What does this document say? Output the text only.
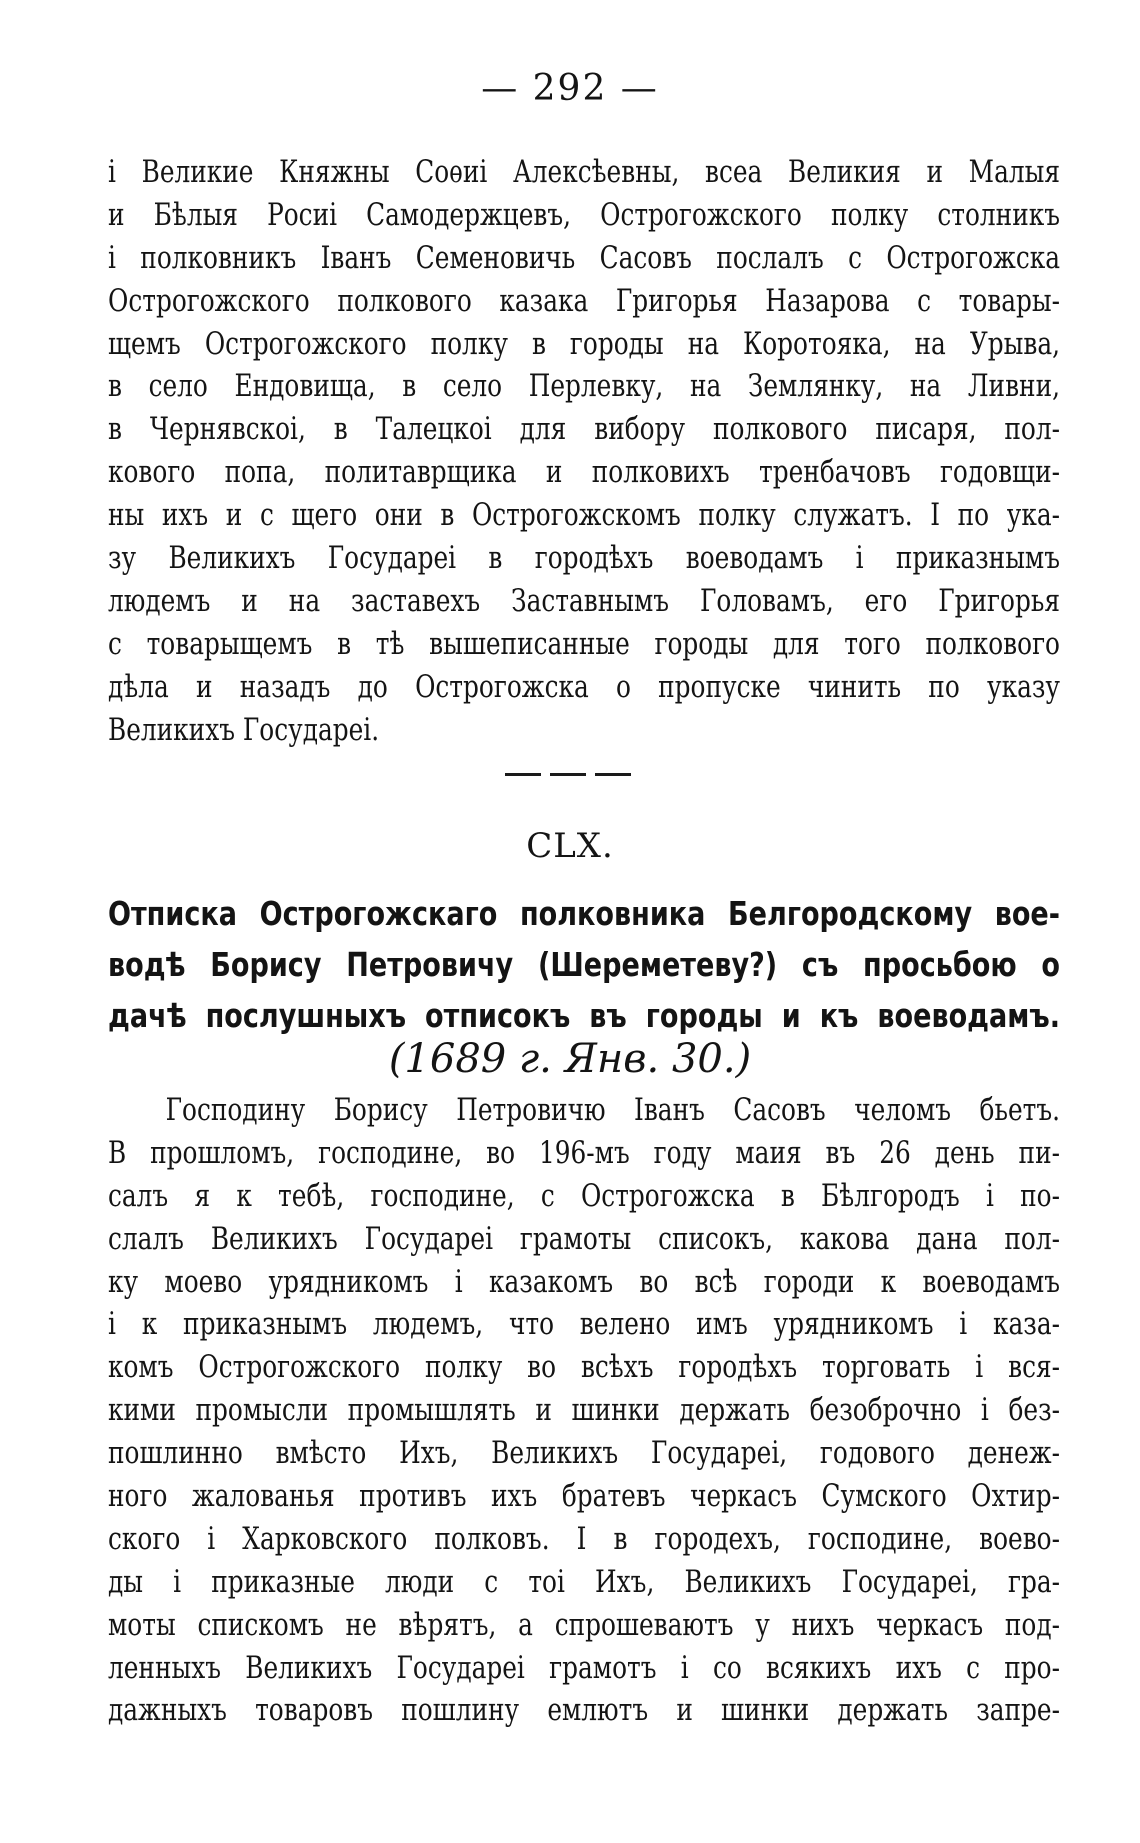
— 292 —
і Великие Княжны Соѳиі Алексѣевны, всеа Великия и Малыя
и Бѣлыя Росиі Самодержцевъ, Острогожского полку столникъ
і полковникъ Іванъ Семеновичь Сасовъ послалъ с Острогожска
Острогожского полкового казака Григорья Назарова с товары-
щемъ Острогожского полку в городы на Коротояка, на Урыва,
в село Ендовища, в село Перлевку, на Землянку, на Ливни,
в Чернявскоі, в Талецкоі для вибору полкового писаря, пол-
кового попа, политаврщика и полковихъ тренбачовъ годовщи-
ны ихъ и с щего они в Острогожскомъ полку служатъ. І по ука-
зу Великихъ Государеі в городѣхъ воеводамъ і приказнымъ
людемъ и на заставехъ Заставнымъ Головамъ, его Григорья
с товарыщемъ в тѣ вышеписанные городы для того полкового
дѣла и назадъ до Острогожска о пропуске чинить по указу
Великихъ Государеі.
CLX.
Отписка Острогожскаго полковника Белгородскому вое-
водѣ Борису Петровичу (Шереметеву?) съ просьбою о
дачѣ послушныхъ отписокъ въ городы и къ воеводамъ.
(1689 г. Янв. 30.)
Господину Борису Петровичю Іванъ Сасовъ челомъ бьетъ.
В прошломъ, господине, во 196-мъ году маия въ 26 день пи-
салъ я к тебѣ, господине, с Острогожска в Бѣлгородъ і по-
слалъ Великихъ Государеі грамоты списокъ, какова дана пол-
ку моево урядникомъ і казакомъ во всѣ городи к воеводамъ
і к приказнымъ людемъ, что велено имъ урядникомъ і каза-
комъ Острогожского полку во всѣхъ городѣхъ торговать і вся-
кими промысли промышлять и шинки держать безоброчно і без-
пошлинно вмѣсто Ихъ, Великихъ Государеі, годового денеж-
ного жалованья противъ ихъ братевъ черкасъ Сумского Охтир-
ского і Харковского полковъ. І в городехъ, господине, воево-
ды і приказные люди с тоі Ихъ, Великихъ Государеі, гра-
моты спискомъ не вѣрятъ, а спрошеваютъ у нихъ черкасъ под-
ленныхъ Великихъ Государеі грамотъ і со всякихъ ихъ с про-
дажныхъ товаровъ пошлину емлютъ и шинки держать запре-
